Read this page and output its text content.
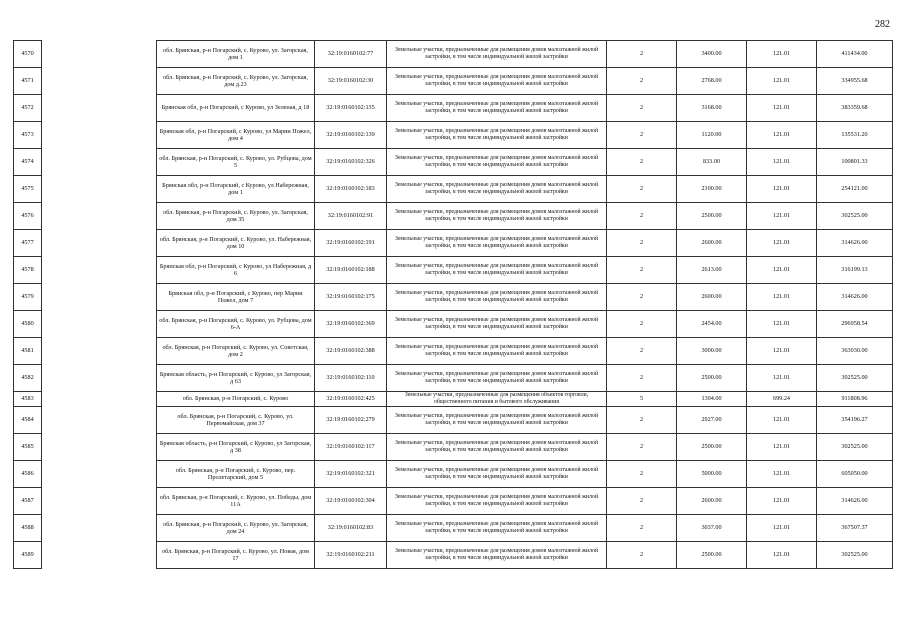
282
4570		обл. Брянская, р-н Погарский, с. Курово, ул. Загорская, дом 1	32:19:0160102:77	Земельные участки, предназначенные для размещения домов малоэтажной жилой застройки, в том числе индивидуальной жилой застройки	2	3400.00	121.01	411434.00
4571		обл. Брянская, р-н Погарский, с. Курово, ул. Загорская, дом д.23	32:19:0160102:30	Земельные участки, предназначенные для размещения домов малоэтажной жилой застройки, в том числе индивидуальной жилой застройки	2	2768.00	121.01	334955.68
4572		Брянская обл, р-н Погарский, с Курово, ул Зеленая, д 18	32:19:0160102:135	Земельные участки, предназначенные для размещения домов малоэтажной жилой застройки, в том числе индивидуальной жилой застройки	2	3168.00	121.01	383359.68
4573		Брянская обл, р-н Погарский, с Курово, ул Марии Пожел, дом 4	32:19:0160102:139	Земельные участки, предназначенные для размещения домов малоэтажной жилой застройки, в том числе индивидуальной жилой застройки	2	1120.00	121.01	135531.20
4574		обл. Брянская, р-н Погарский, с. Курово, ул. Рубцова, дом 5	32:19:0160102:326	Земельные участки, предназначенные для размещения домов малоэтажной жилой застройки, в том числе индивидуальной жилой застройки	2	833.00	121.01	100801.33
4575		Брянская обл, р-н Погарский, с Курово, ул Набережная, дом 1	32:19:0160102:183	Земельные участки, предназначенные для размещения домов малоэтажной жилой застройки, в том числе индивидуальной жилой застройки	2	2100.00	121.01	254121.00
4576		обл. Брянская, р-н Погарский, с. Курово, ул. Загорская, дом 35	32:19:0160102:91	Земельные участки, предназначенные для размещения домов малоэтажной жилой застройки, в том числе индивидуальной жилой застройки	2	2500.00	121.01	302525.00
4577		обл. Брянская, р-н Погарский, с. Курово, ул. Набережная, дом 10	32:19:0160102:191	Земельные участки, предназначенные для размещения домов малоэтажной жилой застройки, в том числе индивидуальной жилой застройки	2	2600.00	121.01	314626.00
4578		Брянская обл, р-н Погарский, с Курово, ул Набережная, д 6	32:19:0160102:188	Земельные участки, предназначенные для размещения домов малоэтажной жилой застройки, в том числе индивидуальной жилой застройки	2	2613.00	121.01	316199.13
4579		Брянская обл, р-н Погарский, с Курово, пер Марии Пожел, дом 7	32:19:0160102:175	Земельные участки, предназначенные для размещения домов малоэтажной жилой застройки, в том числе индивидуальной жилой застройки	2	2600.00	121.01	314626.00
4580		обл. Брянская, р-н Погарский, с. Курово, ул. Рубцова, дом 6-А	32:19:0160102:369	Земельные участки, предназначенные для размещения домов малоэтажной жилой застройки, в том числе индивидуальной жилой застройки	2	2454.00	121.01	296958.54
4581		обл. Брянская, р-н Погарский, с. Курово, ул. Советская, дом 2	32:19:0160102:388	Земельные участки, предназначенные для размещения домов малоэтажной жилой застройки, в том числе индивидуальной жилой застройки	2	3000.00	121.01	363030.00
4582		Брянская область, р-н Погарский, с Курово, ул Загорская, д 63	32:19:0160102:110	Земельные участки, предназначенные для размещения домов малоэтажной жилой застройки, в том числе индивидуальной жилой застройки	2	2500.00	121.01	302525.00
4583		обл. Брянская, р-н Погарский, с. Курово	32:19:0160102:425	Земельные участки, предназначенные для размещения объектов торговли, общественного питания и бытового обслуживания	5	1304.00	699.24	911808.96
4584		обл. Брянская, р-н Погарский, с. Курово, ул. Первомайская, дом 37	32:19:0160102:279	Земельные участки, предназначенные для размещения домов малоэтажной жилой застройки, в том числе индивидуальной жилой застройки	2	2927.00	121.01	354196.27
4585		Брянская область, р-н Погарский, с Курово, ул Загорская, д 38	32:19:0160102:117	Земельные участки, предназначенные для размещения домов малоэтажной жилой застройки, в том числе индивидуальной жилой застройки	2	2500.00	121.01	302525.00
4586		обл. Брянская, р-н Погарский, с. Курово, пер. Пролетарский, дом 5	32:19:0160102:321	Земельные участки, предназначенные для размещения домов малоэтажной жилой застройки, в том числе индивидуальной жилой застройки	2	5000.00	121.01	605050.00
4587		обл. Брянская, р-н Погарский, с. Курово, ул. Победы, дом 11А	32:19:0160102:304	Земельные участки, предназначенные для размещения домов малоэтажной жилой застройки, в том числе индивидуальной жилой застройки	2	2600.00	121.01	314626.00
4588		обл. Брянская, р-н Погарский, с. Курово, ул. Загорская, дом 24	32:19:0160102:83	Земельные участки, предназначенные для размещения домов малоэтажной жилой застройки, в том числе индивидуальной жилой застройки	2	3037.00	121.01	367507.37
4589		обл. Брянская, р-н Погарский, с. Курово, ул. Новая, дом 17	32:19:0160102:211	Земельные участки, предназначенные для размещения домов малоэтажной жилой застройки, в том числе индивидуальной жилой застройки	2	2500.00	121.01	302525.00
